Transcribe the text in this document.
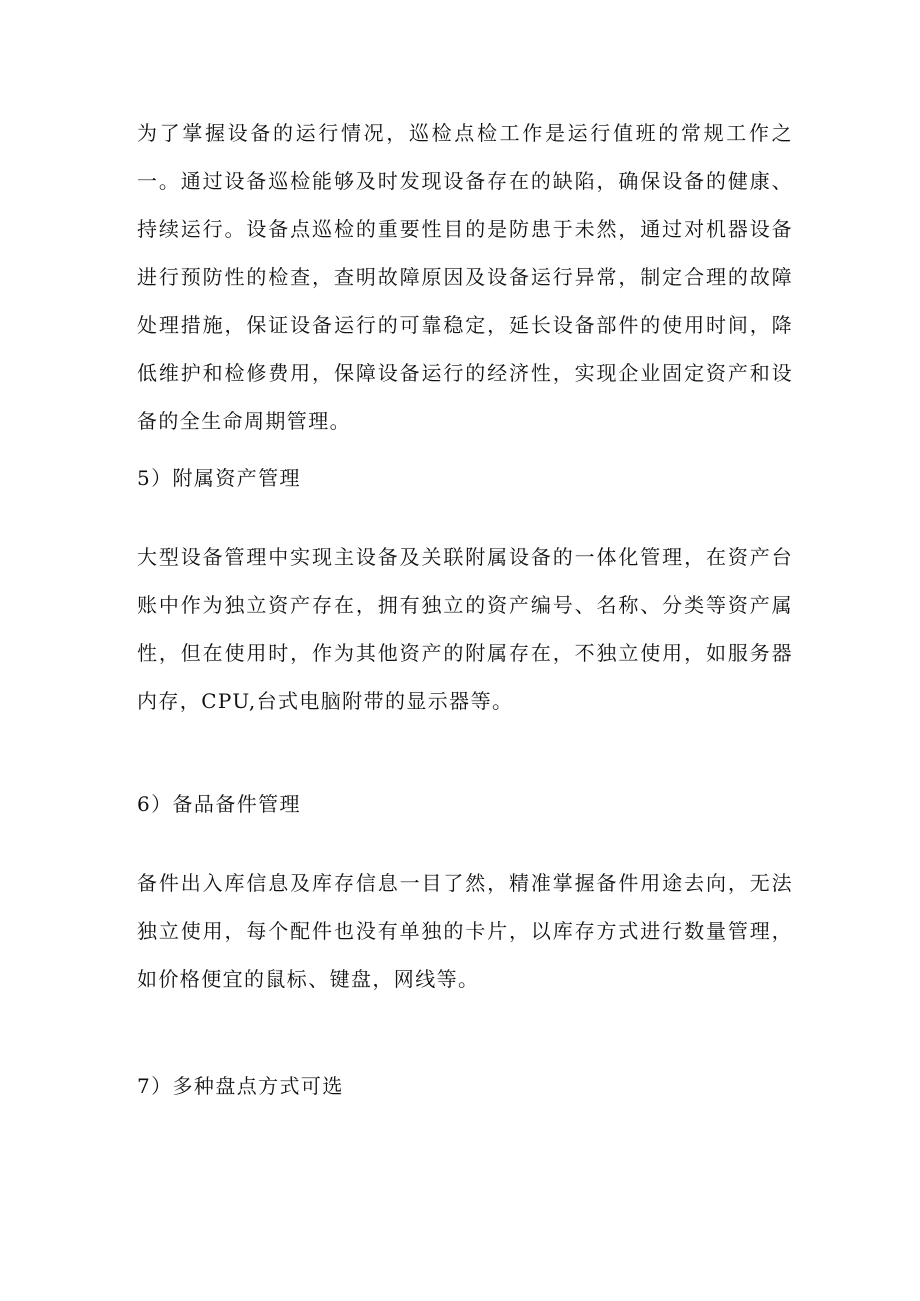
为了掌握设备的运行情况，巡检点检工作是运行值班的常规工作之一。通过设备巡检能够及时发现设备存在的缺陷，确保设备的健康、持续运行。设备点巡检的重要性目的是防患于未然，通过对机器设备进行预防性的检查，查明故障原因及设备运行异常，制定合理的故障处理措施，保证设备运行的可靠稳定，延长设备部件的使用时间，降低维护和检修费用，保障设备运行的经济性，实现企业固定资产和设备的全生命周期管理。

5）附属资产管理

大型设备管理中实现主设备及关联附属设备的一体化管理，在资产台账中作为独立资产存在，拥有独立的资产编号、名称、分类等资产属性，但在使用时，作为其他资产的附属存在，不独立使用，如服务器内存，CPU,台式电脑附带的显示器等。

6）备品备件管理

备件出入库信息及库存信息一目了然，精准掌握备件用途去向，无法独立使用，每个配件也没有单独的卡片，以库存方式进行数量管理，如价格便宜的鼠标、键盘，网线等。

7）多种盘点方式可选
